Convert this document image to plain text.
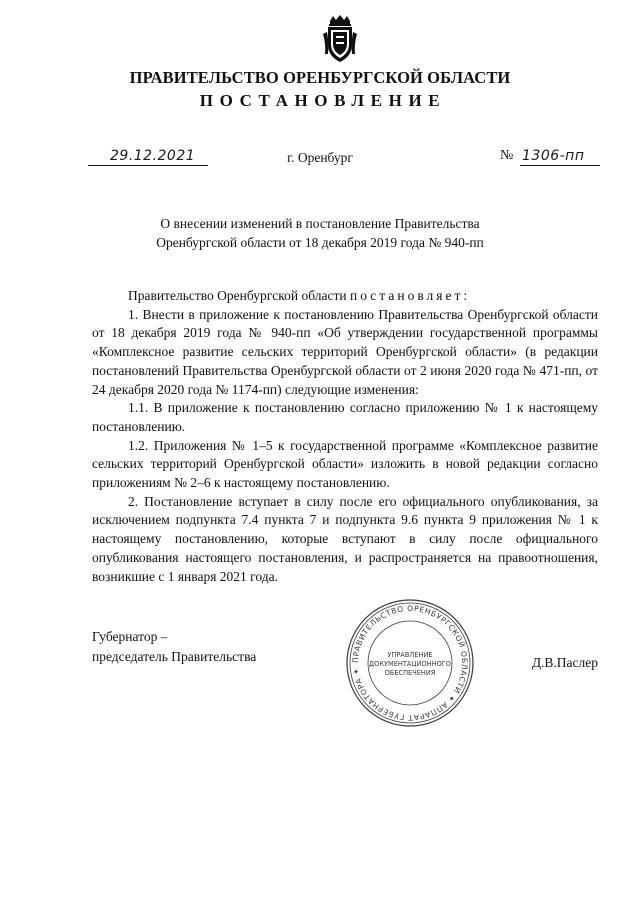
ПРАВИТЕЛЬСТВО ОРЕНБУРГСКОЙ ОБЛАСТИ
ПОСТАНОВЛЕНИЕ
29.12.2021	г. Оренбург	№ 1306-пп
О внесении изменений в постановление Правительства
Оренбургской области от 18 декабря 2019 года № 940-пп

Правительство Оренбургской области постановляет:

1. Внести в приложение к постановлению Правительства Оренбургской области от 18 декабря 2019 года № 940-пп «Об утверждении государственной программы «Комплексное развитие сельских территорий Оренбургской области» (в редакции постановлений Правительства Оренбургской области от 2 июня 2020 года № 471-пп, от 24 декабря 2020 года № 1174-пп) следующие изменения:

1.1. В приложение к постановлению согласно приложению № 1 к настоящему постановлению.

1.2. Приложения № 1–5 к государственной программе «Комплексное развитие сельских территорий Оренбургской области» изложить в новой редакции согласно приложениям № 2–6 к настоящему постановлению.

2. Постановление вступает в силу после его официального опубликования, за исключением подпункта 7.4 пункта 7 и подпункта 9.6 пункта 9 приложения № 1 к настоящему постановлению, которые вступают в силу после официального опубликования настоящего постановления, и распространяется на правоотношения, возникшие с 1 января 2021 года.

Губернатор –
председатель Правительства	Д.В.Паслер
ПРАВИТЕЛЬСТВО ОРЕНБУРГСКОЙ ОБЛАСТИ ✦ АППАРАТ ГУБЕРНАТОРА ✦
УПРАВЛЕНИЕ
ДОКУМЕНТАЦИОННОГО
ОБЕСПЕЧЕНИЯ
